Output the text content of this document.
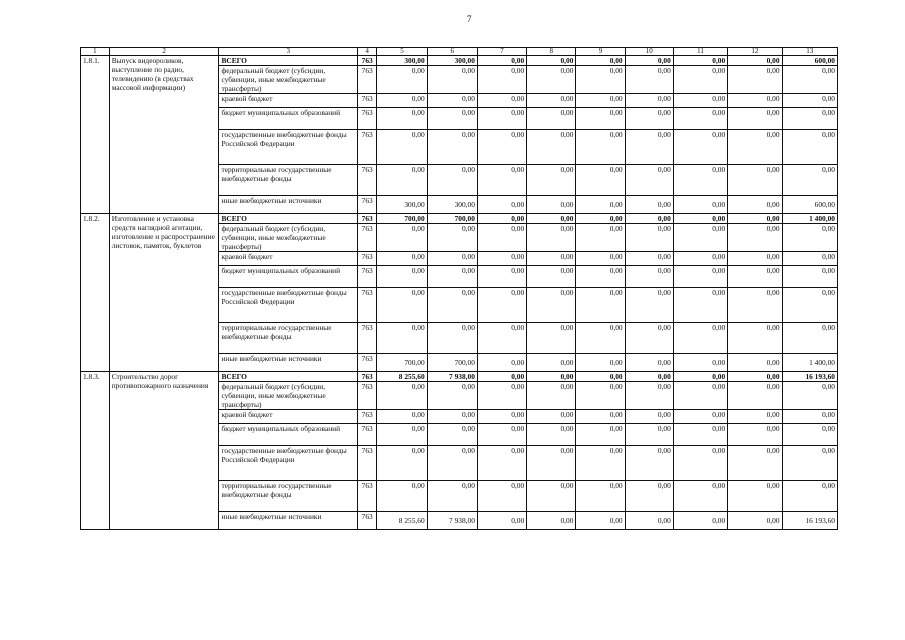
7
1	2	3	4	5	6	7	8	9	10	11	12	13
1.8.1.	Выпуск видеороликов, выступление по радио, телевидению (в средствах массовой информации)	ВСЕГО	763	300,00	300,00	0,00	0,00	0,00	0,00	0,00	0,00	600,00
		федеральный бюджет (субсидии, субвенции, иные межбюджетные трансферты)	763	0,00	0,00	0,00	0,00	0,00	0,00	0,00	0,00	0,00
		краевой бюджет	763	0,00	0,00	0,00	0,00	0,00	0,00	0,00	0,00	0,00
		бюджет муниципальных образований	763	0,00	0,00	0,00	0,00	0,00	0,00	0,00	0,00	0,00
		государственные внебюджетные фонды Российской Федерации	763	0,00	0,00	0,00	0,00	0,00	0,00	0,00	0,00	0,00
		территориальные государственные внебюджетные фонды	763	0,00	0,00	0,00	0,00	0,00	0,00	0,00	0,00	0,00
		иные внебюджетные источники	763	300,00	300,00	0,00	0,00	0,00	0,00	0,00	0,00	600,00
1.8.2.	Изготовление и установка средств наглядной агитации, изготовление и распространение листовок, памяток, буклетов	ВСЕГО	763	700,00	700,00	0,00	0,00	0,00	0,00	0,00	0,00	1 400,00
		федеральный бюджет (субсидии, субвенции, иные межбюджетные трансферты)	763	0,00	0,00	0,00	0,00	0,00	0,00	0,00	0,00	0,00
		краевой бюджет	763	0,00	0,00	0,00	0,00	0,00	0,00	0,00	0,00	0,00
		бюджет муниципальных образований	763	0,00	0,00	0,00	0,00	0,00	0,00	0,00	0,00	0,00
		государственные внебюджетные фонды Российской Федерации	763	0,00	0,00	0,00	0,00	0,00	0,00	0,00	0,00	0,00
		территориальные государственные внебюджетные фонды	763	0,00	0,00	0,00	0,00	0,00	0,00	0,00	0,00	0,00
		иные внебюджетные источники	763	700,00	700,00	0,00	0,00	0,00	0,00	0,00	0,00	1 400,00
1.8.3.	Строительство дорог противопожарного назначения	ВСЕГО	763	8 255,60	7 938,00	0,00	0,00	0,00	0,00	0,00	0,00	16 193,60
		федеральный бюджет (субсидии, субвенции, иные межбюджетные трансферты)	763	0,00	0,00	0,00	0,00	0,00	0,00	0,00	0,00	0,00
		краевой бюджет	763	0,00	0,00	0,00	0,00	0,00	0,00	0,00	0,00	0,00
		бюджет муниципальных образований	763	0,00	0,00	0,00	0,00	0,00	0,00	0,00	0,00	0,00
		государственные внебюджетные фонды Российской Федерации	763	0,00	0,00	0,00	0,00	0,00	0,00	0,00	0,00	0,00
		территориальные государственные внебюджетные фонды	763	0,00	0,00	0,00	0,00	0,00	0,00	0,00	0,00	0,00
		иные внебюджетные источники	763	8 255,60	7 938,00	0,00	0,00	0,00	0,00	0,00	0,00	16 193,60
